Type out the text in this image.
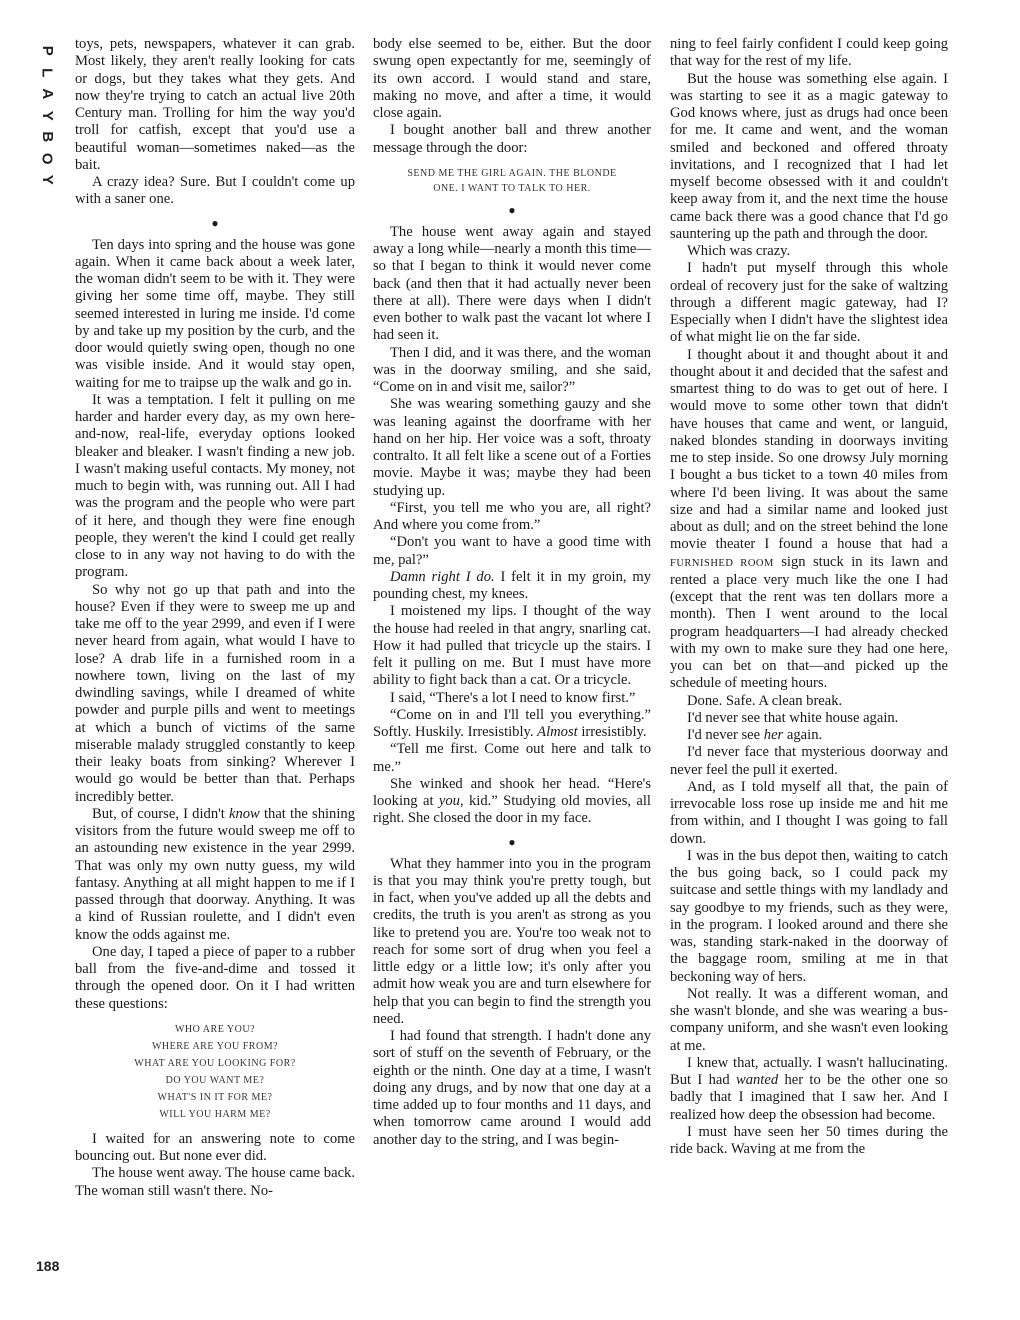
P
L
A
Y
B
O
Y
188

toys, pets, newspapers, whatever it can grab. Most likely, they aren't really looking for cats or dogs, but they takes what they gets. And now they're trying to catch an actual live 20th Century man. Trolling for him the way you'd troll for catfish, except that you'd use a beautiful woman—sometimes naked—as the bait.

A crazy idea? Sure. But I couldn't come up with a saner one.

●

Ten days into spring and the house was gone again. When it came back about a week later, the woman didn't seem to be with it. They were giving her some time off, maybe. They still seemed interested in luring me inside. I'd come by and take up my position by the curb, and the door would quietly swing open, though no one was visible inside. And it would stay open, waiting for me to traipse up the walk and go in.

It was a temptation. I felt it pulling on me harder and harder every day, as my own here-and-now, real-life, everyday options looked bleaker and bleaker. I wasn't finding a new job. I wasn't making useful contacts. My money, not much to begin with, was running out. All I had was the program and the people who were part of it here, and though they were fine enough people, they weren't the kind I could get really close to in any way not having to do with the program.

So why not go up that path and into the house? Even if they were to sweep me up and take me off to the year 2999, and even if I were never heard from again, what would I have to lose? A drab life in a furnished room in a nowhere town, living on the last of my dwindling savings, while I dreamed of white powder and purple pills and went to meetings at which a bunch of victims of the same miserable malady struggled constantly to keep their leaky boats from sinking? Wherever I would go would be better than that. Perhaps incredibly better.

But, of course, I didn't know that the shining visitors from the future would sweep me off to an astounding new existence in the year 2999. That was only my own nutty guess, my wild fantasy. Anything at all might happen to me if I passed through that doorway. Anything. It was a kind of Russian roulette, and I didn't even know the odds against me.

One day, I taped a piece of paper to a rubber ball from the five-and-dime and tossed it through the opened door. On it I had written these questions:

WHO ARE YOU?
WHERE ARE YOU FROM?
WHAT ARE YOU LOOKING FOR?
DO YOU WANT ME?
WHAT'S IN IT FOR ME?
WILL YOU HARM ME?

I waited for an answering note to come bouncing out. But none ever did.

The house went away. The house came back. The woman still wasn't there. No-

body else seemed to be, either. But the door swung open expectantly for me, seemingly of its own accord. I would stand and stare, making no move, and after a time, it would close again.

I bought another ball and threw another message through the door:

SEND ME THE GIRL AGAIN. THE BLONDE
ONE. I WANT TO TALK TO HER.
●

The house went away again and stayed away a long while—nearly a month this time—so that I began to think it would never come back (and then that it had actually never been there at all). There were days when I didn't even bother to walk past the vacant lot where I had seen it.

Then I did, and it was there, and the woman was in the doorway smiling, and she said, “Come on in and visit me, sailor?”

She was wearing something gauzy and she was leaning against the doorframe with her hand on her hip. Her voice was a soft, throaty contralto. It all felt like a scene out of a Forties movie. Maybe it was; maybe they had been studying up.

“First, you tell me who you are, all right? And where you come from.”

“Don't you want to have a good time with me, pal?”

Damn right I do. I felt it in my groin, my pounding chest, my knees.

I moistened my lips. I thought of the way the house had reeled in that angry, snarling cat. How it had pulled that tricycle up the stairs. I felt it pulling on me. But I must have more ability to fight back than a cat. Or a tricycle.

I said, “There's a lot I need to know first.”

“Come on in and I'll tell you everything.” Softly. Huskily. Irresistibly. Almost irresistibly.

“Tell me first. Come out here and talk to me.”

She winked and shook her head. “Here's looking at you, kid.” Studying old movies, all right. She closed the door in my face.

●

What they hammer into you in the program is that you may think you're pretty tough, but in fact, when you've added up all the debts and credits, the truth is you aren't as strong as you like to pretend you are. You're too weak not to reach for some sort of drug when you feel a little edgy or a little low; it's only after you admit how weak you are and turn elsewhere for help that you can begin to find the strength you need.

I had found that strength. I hadn't done any sort of stuff on the seventh of February, or the eighth or the ninth. One day at a time, I wasn't doing any drugs, and by now that one day at a time added up to four months and 11 days, and when tomorrow came around I would add another day to the string, and I was begin-

ning to feel fairly confident I could keep going that way for the rest of my life.

But the house was something else again. I was starting to see it as a magic gateway to God knows where, just as drugs had once been for me. It came and went, and the woman smiled and beckoned and offered throaty invitations, and I recognized that I had let myself become obsessed with it and couldn't keep away from it, and the next time the house came back there was a good chance that I'd go sauntering up the path and through the door.

Which was crazy.

I hadn't put myself through this whole ordeal of recovery just for the sake of waltzing through a different magic gateway, had I? Especially when I didn't have the slightest idea of what might lie on the far side.

I thought about it and thought about it and thought about it and decided that the safest and smartest thing to do was to get out of here. I would move to some other town that didn't have houses that came and went, or languid, naked blondes standing in doorways inviting me to step inside. So one drowsy July morning I bought a bus ticket to a town 40 miles from where I'd been living. It was about the same size and had a similar name and looked just about as dull; and on the street behind the lone movie theater I found a house that had a FURNISHED ROOM sign stuck in its lawn and rented a place very much like the one I had (except that the rent was ten dollars more a month). Then I went around to the local program headquarters—I had already checked with my own to make sure they had one here, you can bet on that—and picked up the schedule of meeting hours.

Done. Safe. A clean break.

I'd never see that white house again.

I'd never see her again.

I'd never face that mysterious doorway and never feel the pull it exerted.

And, as I told myself all that, the pain of irrevocable loss rose up inside me and hit me from within, and I thought I was going to fall down.

I was in the bus depot then, waiting to catch the bus going back, so I could pack my suitcase and settle things with my landlady and say goodbye to my friends, such as they were, in the program. I looked around and there she was, standing stark-naked in the doorway of the baggage room, smiling at me in that beckoning way of hers.

Not really. It was a different woman, and she wasn't blonde, and she was wearing a bus-company uniform, and she wasn't even looking at me.

I knew that, actually. I wasn't hallucinating. But I had wanted her to be the other one so badly that I imagined that I saw her. And I realized how deep the obsession had become.

I must have seen her 50 times during the ride back. Waving at me from the
